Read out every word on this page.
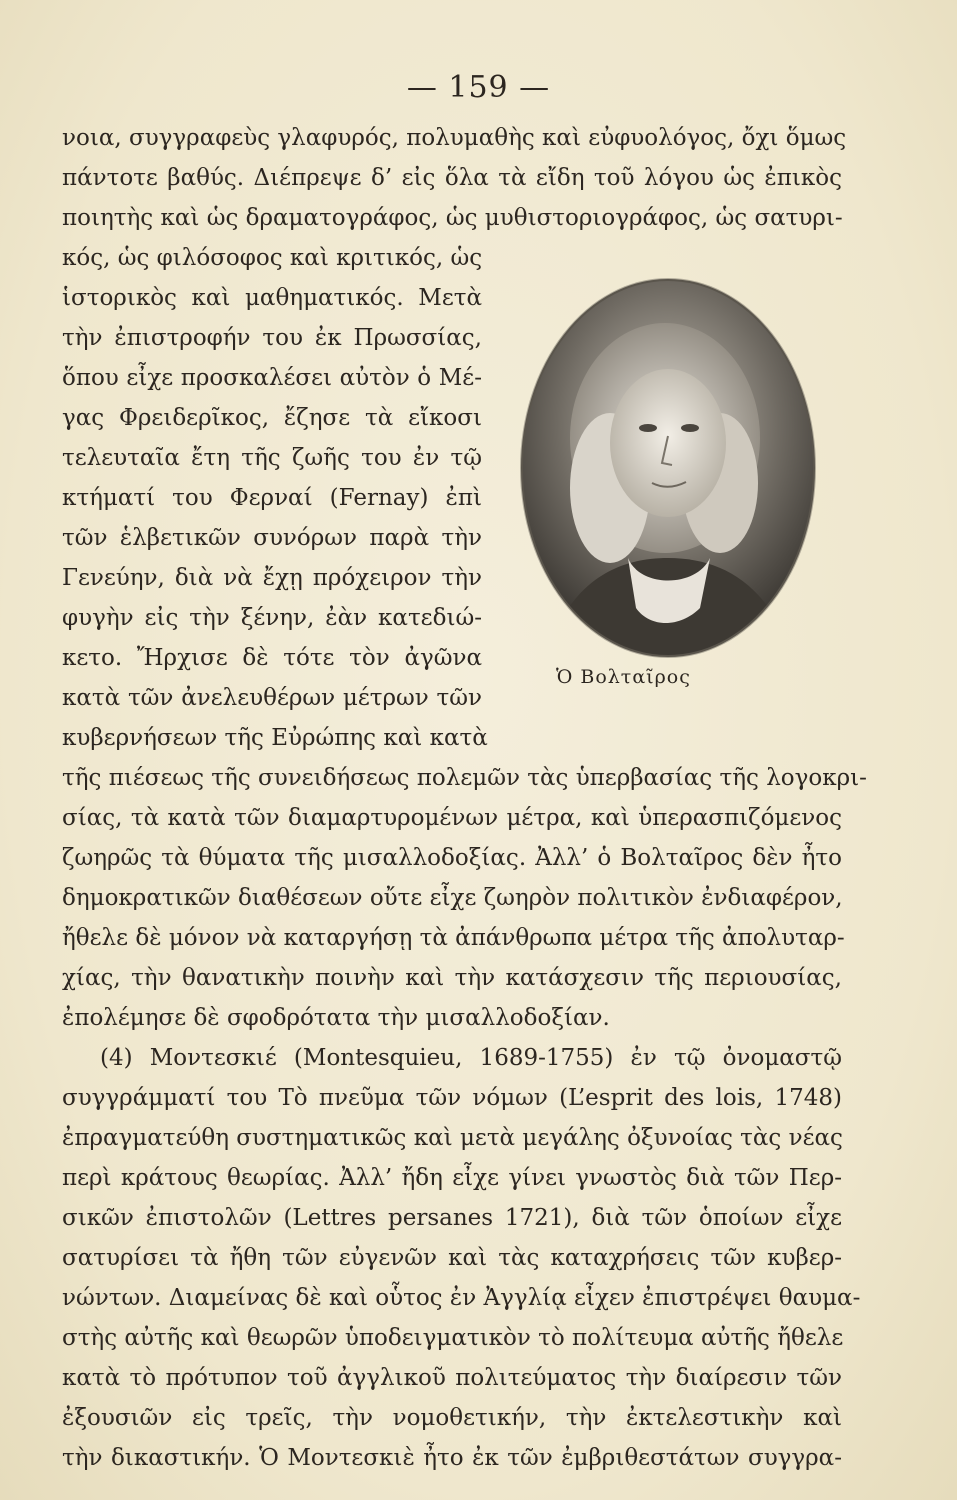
— 159 —
νοια, συγγραφεὺς γλαφυρός, πολυμαθὴς καὶ εὐφυολόγος, ὄχι ὅμως
πάντοτε βαθύς. Διέπρεψε δ’ εἰς ὅλα τὰ εἴδη τοῦ λόγου ὡς ἐπικὸς
ποιητὴς καὶ ὡς δραματογράφος, ὡς μυθιστοριογράφος, ὡς σατυρι-
κός, ὡς φιλόσοφος καὶ κριτικός, ὡς
ἱστορικὸς καὶ μαθηματικός. Μετὰ
τὴν ἐπιστροφήν του ἐκ Πρωσσίας,
ὅπου εἶχε προσκαλέσει αὐτὸν ὁ Μέ-
γας Φρειδερῖκος, ἔζησε τὰ εἴκοσι
τελευταῖα ἔτη τῆς ζωῆς του ἐν τῷ
κτήματί του Φερναί (Fernay) ἐπὶ
τῶν ἑλβετικῶν συνόρων παρὰ τὴν
Γενεύην, διὰ νὰ ἔχῃ πρόχειρον τὴν
φυγὴν εἰς τὴν ξένην, ἐὰν κατεδιώ-
κετο. Ἤρχισε δὲ τότε τὸν ἀγῶνα
κατὰ τῶν ἀνελευθέρων μέτρων τῶν
κυβερνήσεων τῆς Εὐρώπης καὶ κατὰ
τῆς πιέσεως τῆς συνειδήσεως πολεμῶν τὰς ὑπερβασίας τῆς λογοκρι-
σίας, τὰ κατὰ τῶν διαμαρτυρομένων μέτρα, καὶ ὑπερασπιζόμενος
ζωηρῶς τὰ θύματα τῆς μισαλλοδοξίας. Ἀλλ’ ὁ Βολταῖρος δὲν ἦτο
δημοκρατικῶν διαθέσεων οὔτε εἶχε ζωηρὸν πολιτικὸν ἐνδιαφέρον,
ἤθελε δὲ μόνον νὰ καταργήσῃ τὰ ἀπάνθρωπα μέτρα τῆς ἀπολυταρ-
χίας, τὴν θανατικὴν ποινὴν καὶ τὴν κατάσχεσιν τῆς περιουσίας,
ἐπολέμησε δὲ σφοδρότατα τὴν μισαλλοδοξίαν.
(4) Μοντεσκιέ (Montesquieu, 1689-1755) ἐν τῷ ὀνομαστῷ
συγγράμματί του Τὸ πνεῦμα τῶν νόμων (L’esprit des lois, 1748)
ἐπραγματεύθη συστηματικῶς καὶ μετὰ μεγάλης ὀξυνοίας τὰς νέας
περὶ κράτους θεωρίας. Ἀλλ’ ἤδη εἶχε γίνει γνωστὸς διὰ τῶν Περ-
σικῶν ἐπιστολῶν (Lettres persanes 1721), διὰ τῶν ὁποίων εἶχε
σατυρίσει τὰ ἤθη τῶν εὐγενῶν καὶ τὰς καταχρήσεις τῶν κυβερ-
νώντων. Διαμείνας δὲ καὶ οὗτος ἐν Ἀγγλίᾳ εἶχεν ἐπιστρέψει θαυμα-
στὴς αὐτῆς καὶ θεωρῶν ὑποδειγματικὸν τὸ πολίτευμα αὐτῆς ἤθελε
κατὰ τὸ πρότυπον τοῦ ἀγγλικοῦ πολιτεύματος τὴν διαίρεσιν τῶν
ἐξουσιῶν εἰς τρεῖς, τὴν νομοθετικήν, τὴν ἐκτελεστικὴν καὶ
τὴν δικαστικήν. Ὁ Μοντεσκιὲ ἦτο ἐκ τῶν ἐμβριθεστάτων συγγρα-
Ὁ Βολταῖρος
